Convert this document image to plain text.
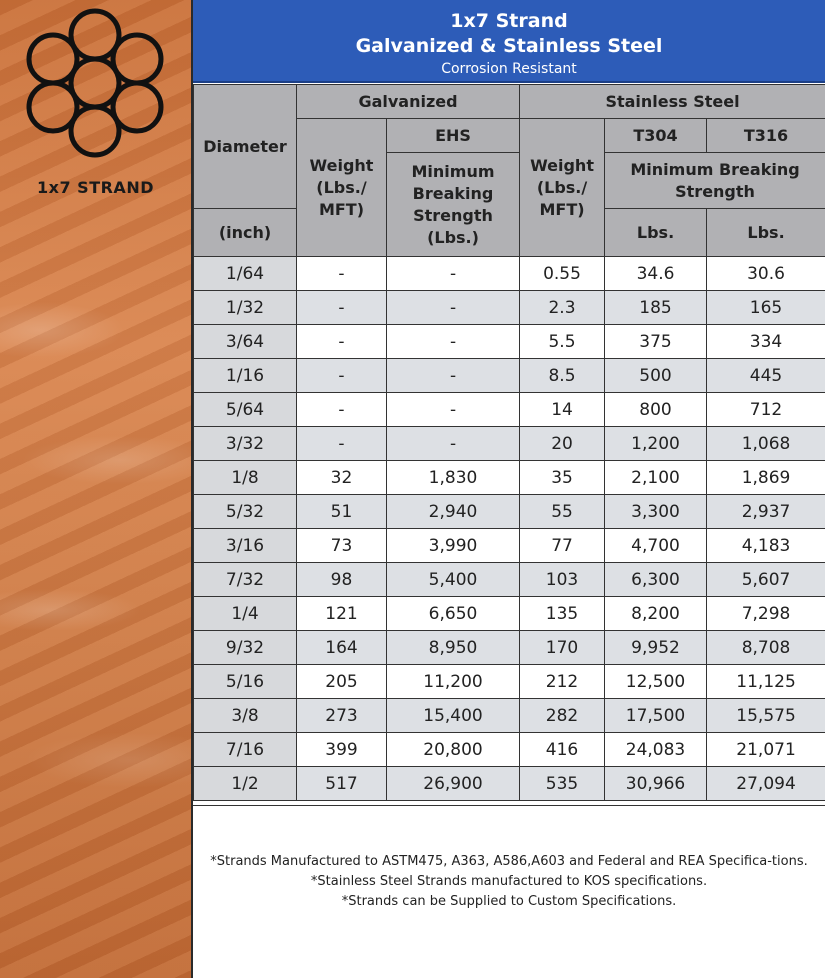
1x7 STRAND
1x7 Strand
Galvanized & Stainless Steel
Corrosion Resistant
Diameter	Galvanized		Stainless Steel		
	Weight (Lbs./ MFT)	EHS	Weight (Lbs./ MFT)	T304	T316
		Minimum Breaking Strength (Lbs.)		Minimum Breaking Strength	
(inch)				Lbs.	Lbs.
1/64	-	-	0.55	34.6	30.6
1/32	-	-	2.3	185	165
3/64	-	-	5.5	375	334
1/16	-	-	8.5	500	445
5/64	-	-	14	800	712
3/32	-	-	20	1,200	1,068
1/8	32	1,830	35	2,100	1,869
5/32	51	2,940	55	3,300	2,937
3/16	73	3,990	77	4,700	4,183
7/32	98	5,400	103	6,300	5,607
1/4	121	6,650	135	8,200	7,298
9/32	164	8,950	170	9,952	8,708
5/16	205	11,200	212	12,500	11,125
3/8	273	15,400	282	17,500	15,575
7/16	399	20,800	416	24,083	21,071
1/2	517	26,900	535	30,966	27,094
*Strands Manufactured to ASTM475, A363, A586,A603 and Federal and REA Specifica-tions.
*Stainless Steel Strands manufactured to KOS specifications.
*Strands can be Supplied to Custom Specifications.
